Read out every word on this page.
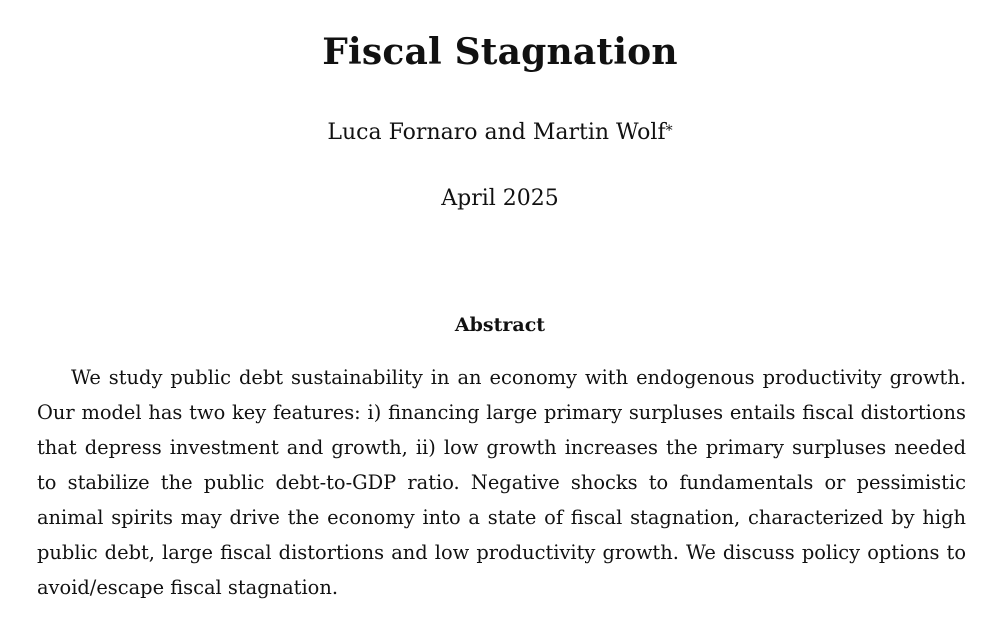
Fiscal Stagnation
Luca Fornaro and Martin Wolf*
April 2025
Abstract

We study public debt sustainability in an economy with endogenous productivity growth. Our model has two key features: i) financing large primary surpluses entails fiscal distortions that depress investment and growth, ii) low growth increases the primary surpluses needed to stabilize the public debt-to-GDP ratio. Negative shocks to fundamentals or pessimistic animal spirits may drive the economy into a state of fiscal stagnation, characterized by high public debt, large fiscal distortions and low productivity growth. We discuss policy options to avoid/escape fiscal stagnation.
